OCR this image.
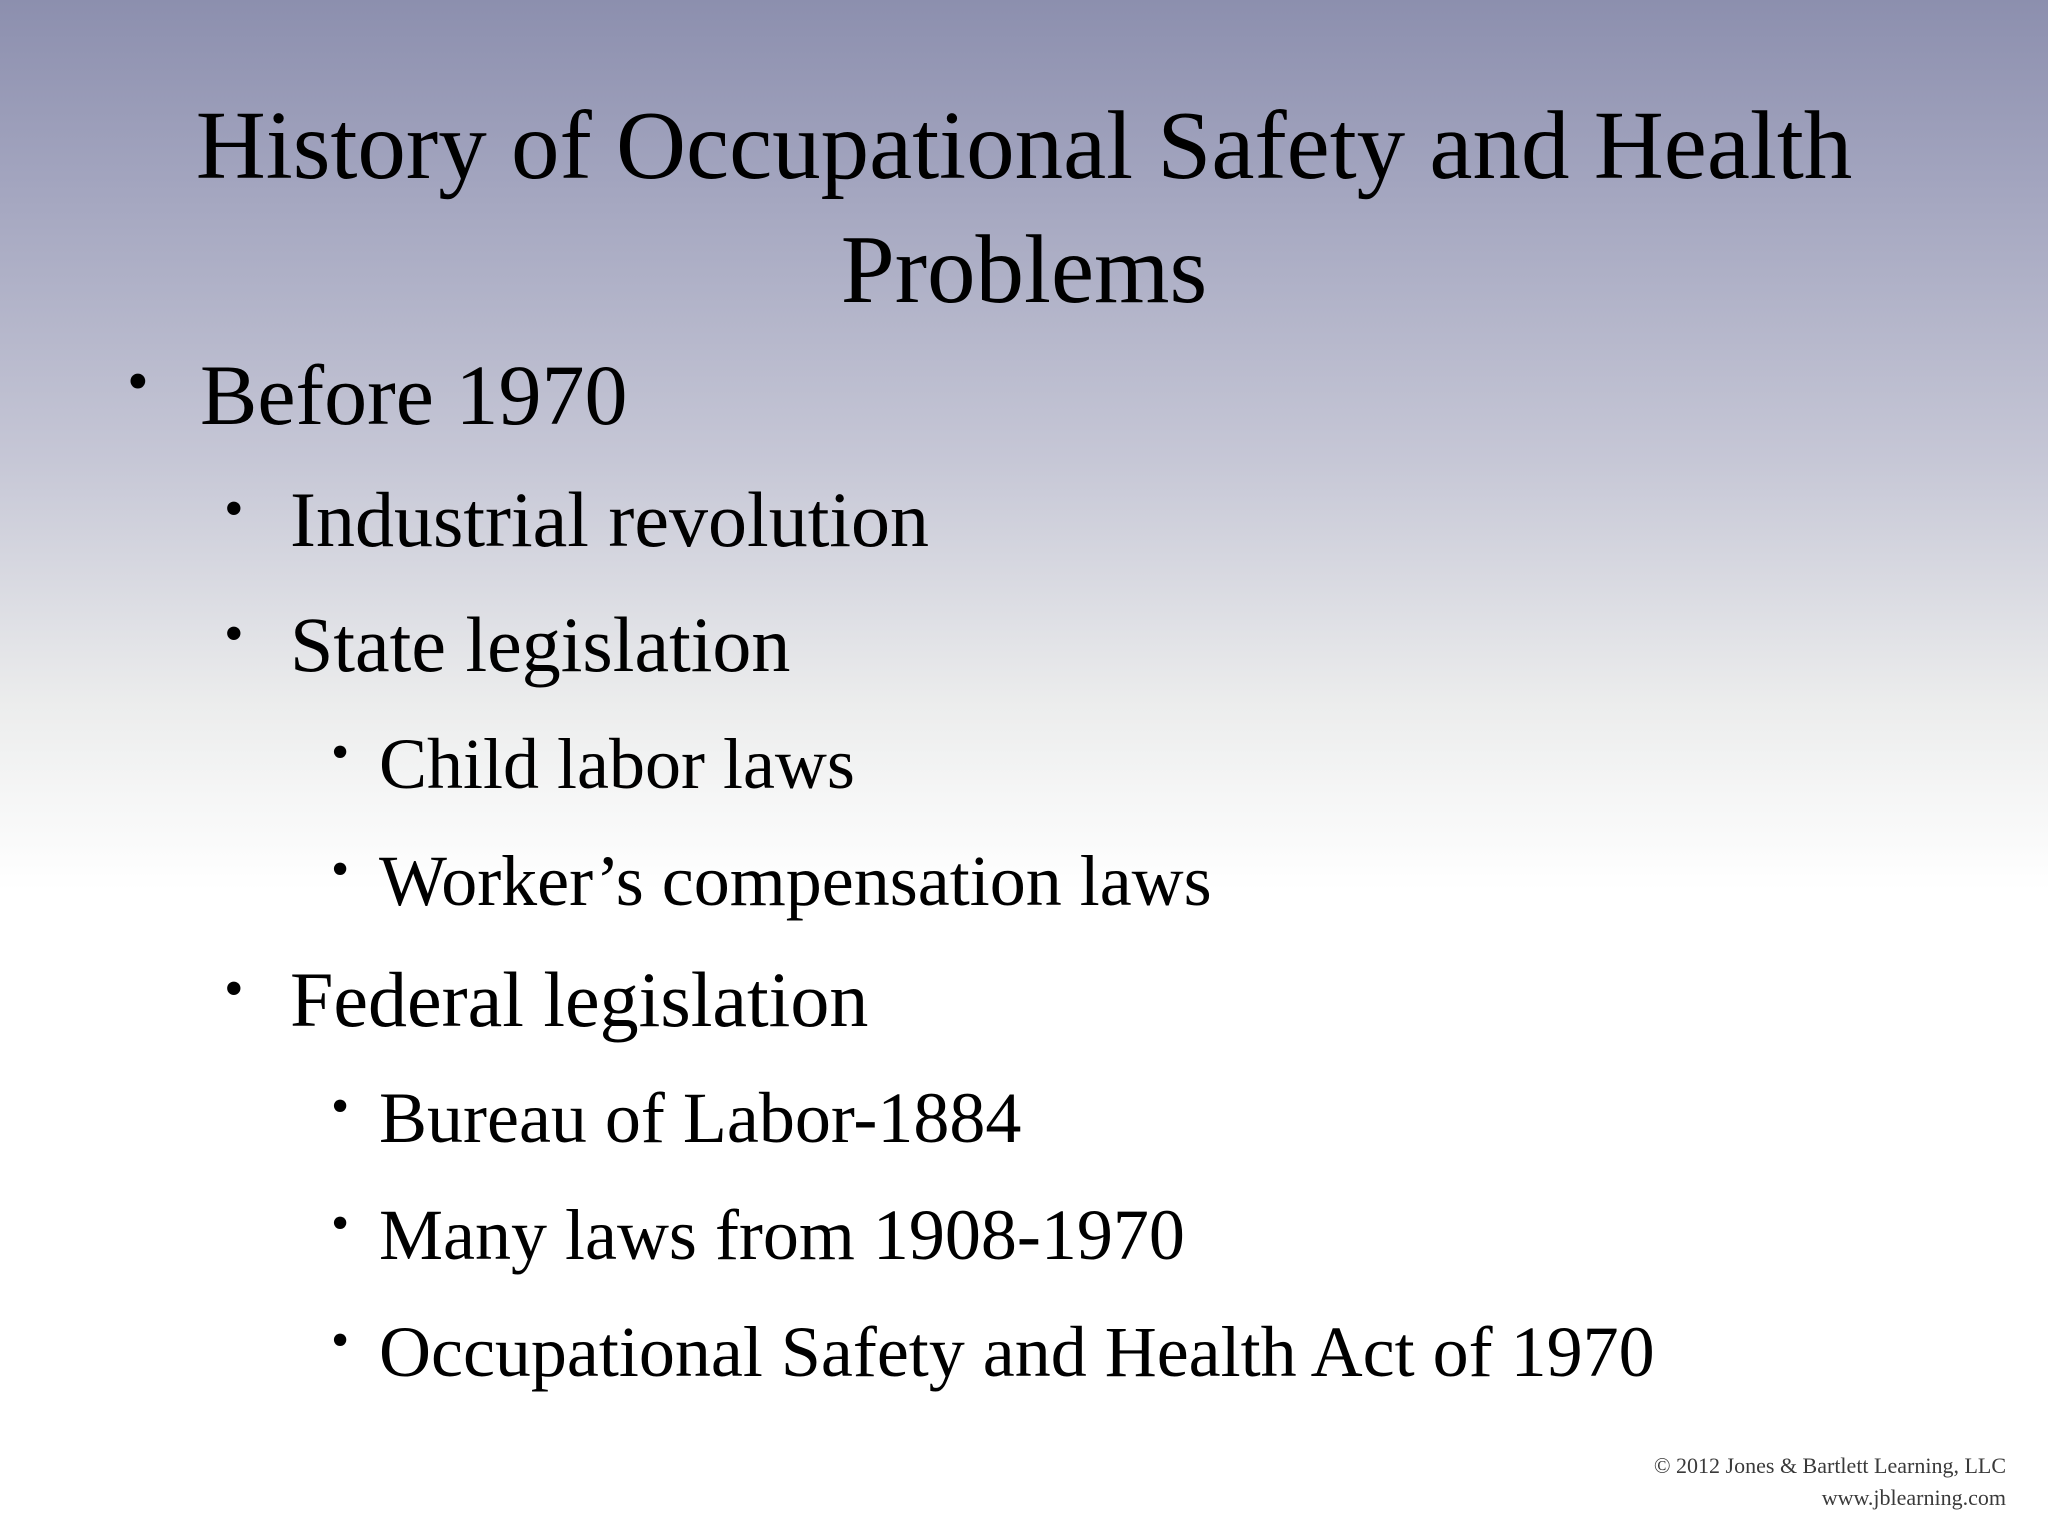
History of Occupational Safety and Health Problems
• Before 1970
• Industrial revolution
• State legislation
• Child labor laws
• Worker’s compensation laws
• Federal legislation
• Bureau of Labor-1884
• Many laws from 1908-1970
• Occupational Safety and Health Act of 1970
© 2012 Jones & Bartlett Learning, LLC
www.jblearning.com
